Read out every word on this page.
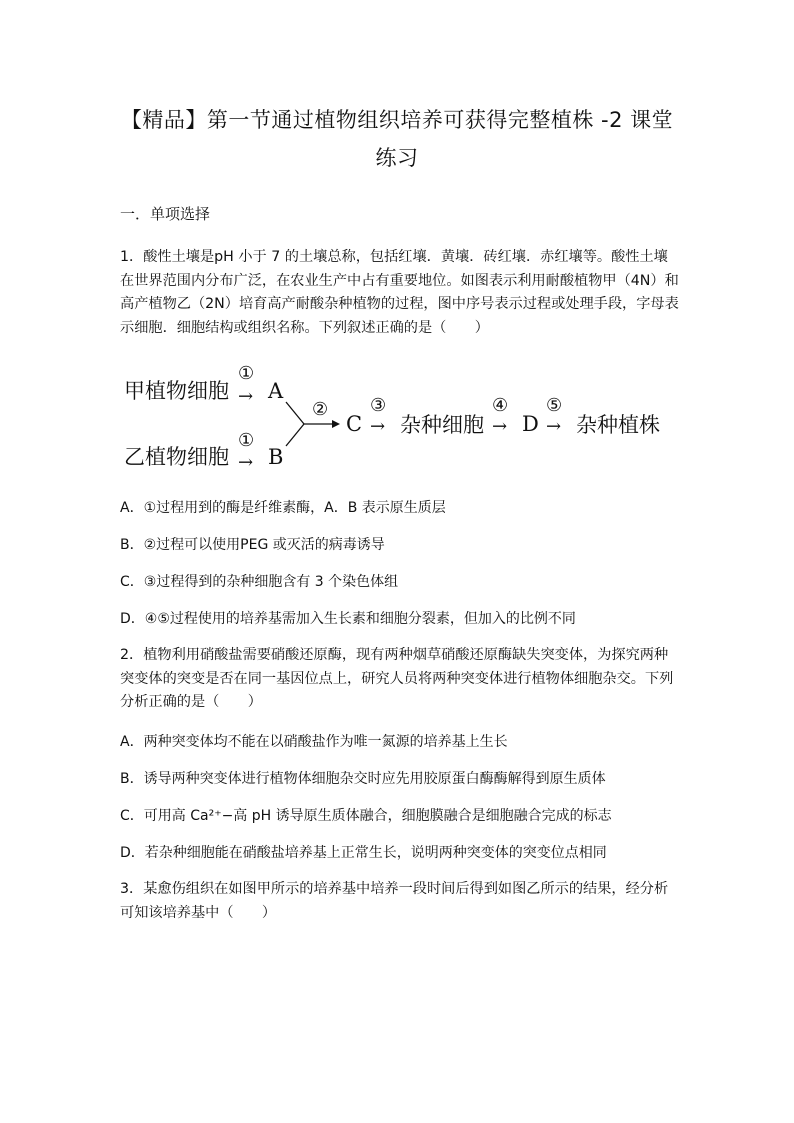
【精品】第一节通过植物组织培养可获得完整植株 -2 课堂
练习
一．单项选择
1．酸性土壤是pH 小于 7 的土壤总称，包括红壤．黄壤．砖红壤．赤红壤等。酸性土壤在世界范围内分布广泛，在农业生产中占有重要地位。如图表示利用耐酸植物甲（4N）和高产植物乙（2N）培育高产耐酸杂种植物的过程，图中序号表示过程或处理手段，字母表示细胞．细胞结构或组织名称。下列叙述正确的是（　　）
甲植物细胞
①
→ A
乙植物细胞
①
→ B
②
C
③
→ 杂种细胞
④
→ D
⑤
→ 杂种植株
A．①过程用到的酶是纤维素酶，A．B 表示原生质层
B．②过程可以使用PEG 或灭活的病毒诱导
C．③过程得到的杂种细胞含有 3 个染色体组
D．④⑤过程使用的培养基需加入生长素和细胞分裂素，但加入的比例不同
2．植物利用硝酸盐需要硝酸还原酶，现有两种烟草硝酸还原酶缺失突变体，为探究两种突变体的突变是否在同一基因位点上，研究人员将两种突变体进行植物体细胞杂交。下列分析正确的是（　　）
A．两种突变体均不能在以硝酸盐作为唯一氮源的培养基上生长
B．诱导两种突变体进行植物体细胞杂交时应先用胶原蛋白酶酶解得到原生质体
C．可用高 Ca²⁺−高 pH 诱导原生质体融合，细胞膜融合是细胞融合完成的标志
D．若杂种细胞能在硝酸盐培养基上正常生长，说明两种突变体的突变位点相同
3．某愈伤组织在如图甲所示的培养基中培养一段时间后得到如图乙所示的结果，经分析可知该培养基中（　　）
